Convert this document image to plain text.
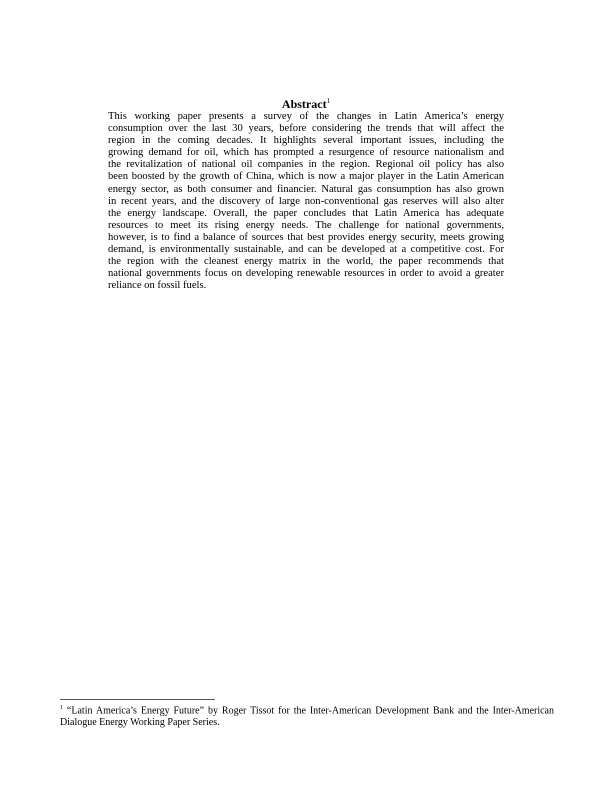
Abstract$^1$
This working paper presents a survey of the changes in Latin America’s energy
consumption over the last 30 years, before considering the trends that will affect the
region in the coming decades. It highlights several important issues, including the
growing demand for oil, which has prompted a resurgence of resource nationalism and
the revitalization of national oil companies in the region. Regional oil policy has also
been boosted by the growth of China, which is now a major player in the Latin American
energy sector, as both consumer and financier. Natural gas consumption has also grown
in recent years, and the discovery of large non-conventional gas reserves will also alter
the energy landscape. Overall, the paper concludes that Latin America has adequate
resources to meet its rising energy needs. The challenge for national governments,
however, is to find a balance of sources that best provides energy security, meets growing
demand, is environmentally sustainable, and can be developed at a competitive cost. For
the region with the cleanest energy matrix in the world, the paper recommends that
national governments focus on developing renewable resources in order to avoid a greater
reliance on fossil fuels.
$^1$ “Latin America’s Energy Future” by Roger Tissot for the Inter-American Development Bank and the Inter-American
Dialogue Energy Working Paper Series.
